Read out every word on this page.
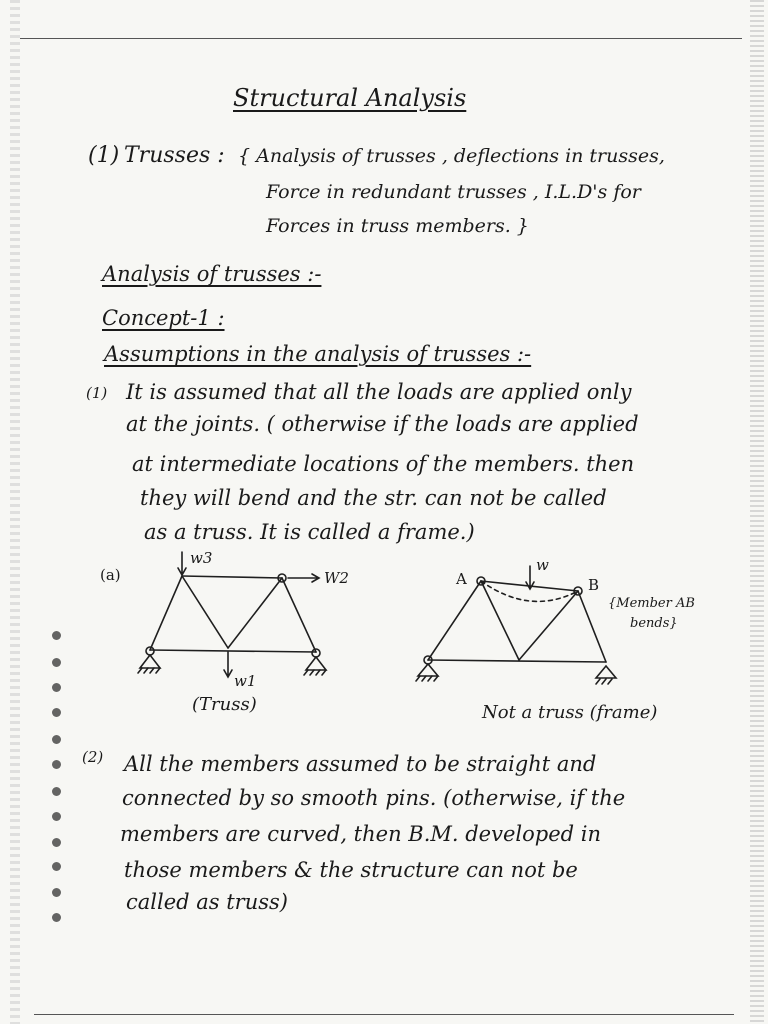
Structural Analysis
(1) Trusses : { Analysis of trusses , deflections in trusses,
Force in redundant trusses , I.L.D's for
Forces in truss members. }
Analysis of trusses :-
Concept-1 :
Assumptions in the analysis of trusses :-
(1) It is assumed that all the loads are applied only
at the joints. ( otherwise if the loads are applied
at intermediate locations of the members. then
they will bend and the str. can not be called
as a truss. It is called a frame.)
(a)
w3
W2
w1
(Truss)
A	B
w
{Member AB
bends}
Not a truss (frame)
(2) All the members assumed to be straight and
connected by so smooth pins. (otherwise, if the
members are curved, then B.M. developed in
those members & the structure can not be
called as truss)
